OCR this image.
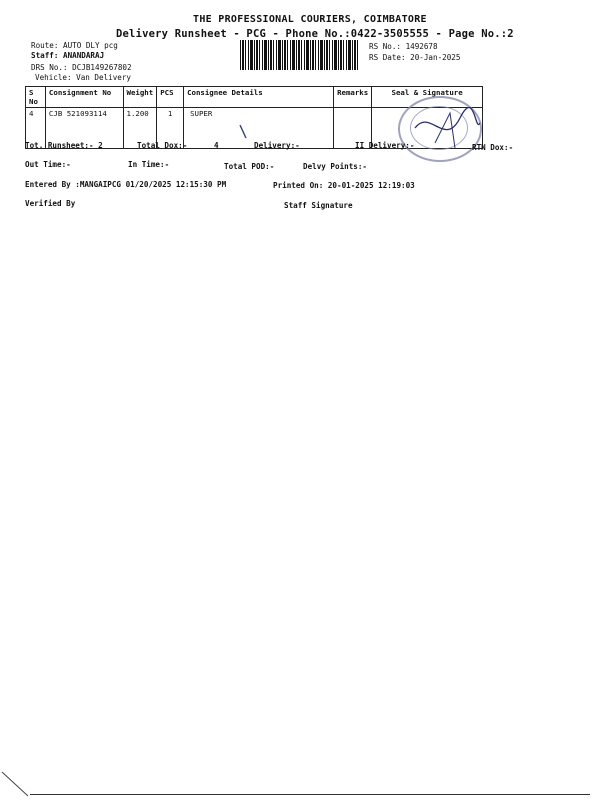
THE PROFESSIONAL COURIERS, COIMBATORE
Delivery Runsheet - PCG - Phone No.:0422-3505555 - Page No.:2
Route: AUTO DLY pcg
Staff: ANANDARAJ
DRS No.: DCJB149267802
Vehicle: Van Delivery
RS No.: 1492678
RS Date: 20-Jan-2025
S No	Consignment No	Weight	PCS	Consignee Details	Remarks	Seal & Signature
4	CJB 521093114	1.200	1	SUPER		
Tot. Runsheet:- 2	Total Dox:-	4	Delivery:-	II Delivery:-	RTN Dox:-
Out Time:-	In Time:-	Total POD:-	Delvy Points:-
Entered By :MANGAIPCG 01/20/2025 12:15:30 PM	Printed On: 20-01-2025 12:19:03
Verified By	Staff Signature
